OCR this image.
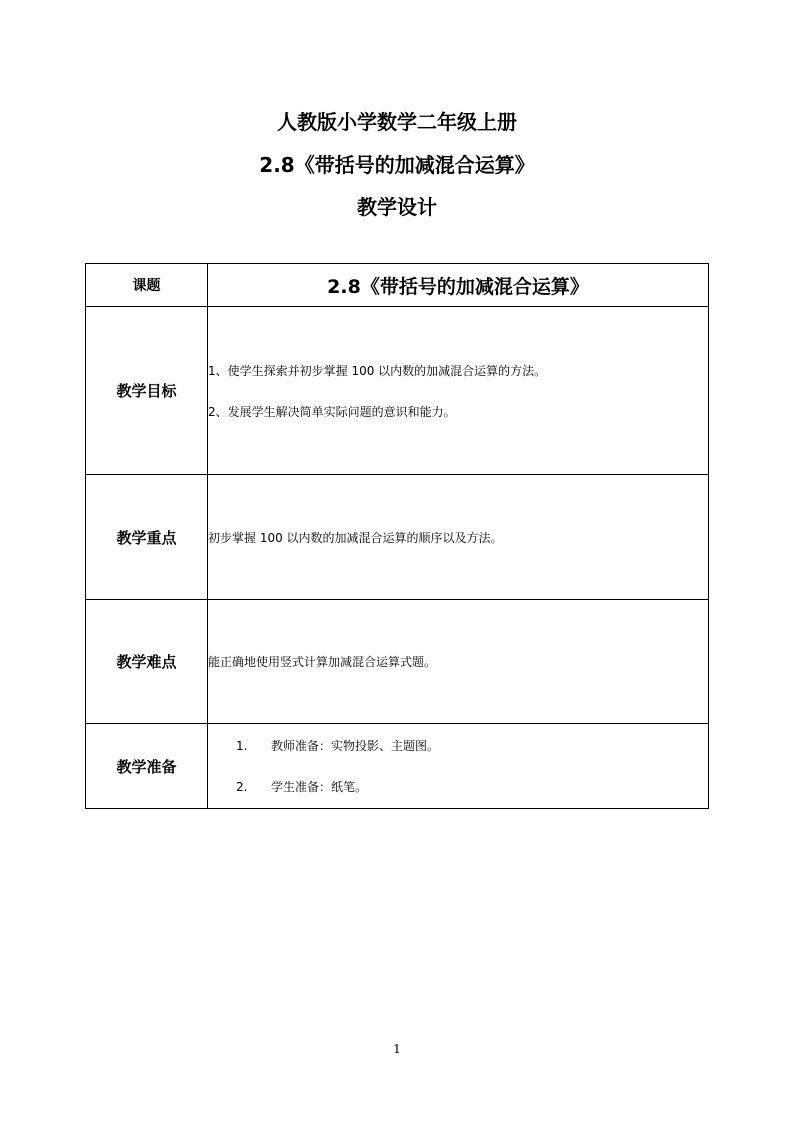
人教版小学数学二年级上册
2.8《带括号的加减混合运算》
教学设计
课题	2.8《带括号的加减混合运算》
教学目标	1、使学生探索并初步掌握 100 以内数的加减混合运算的方法。
2、发展学生解决简单实际问题的意识和能力。

教学重点	初步掌握 100 以内数的加减混合运算的顺序以及方法。
教学难点	能正确地使用竖式计算加减混合运算式题。
教学准备	1. 教师准备：实物投影、主题图。
2. 学生准备：纸笔。
1
